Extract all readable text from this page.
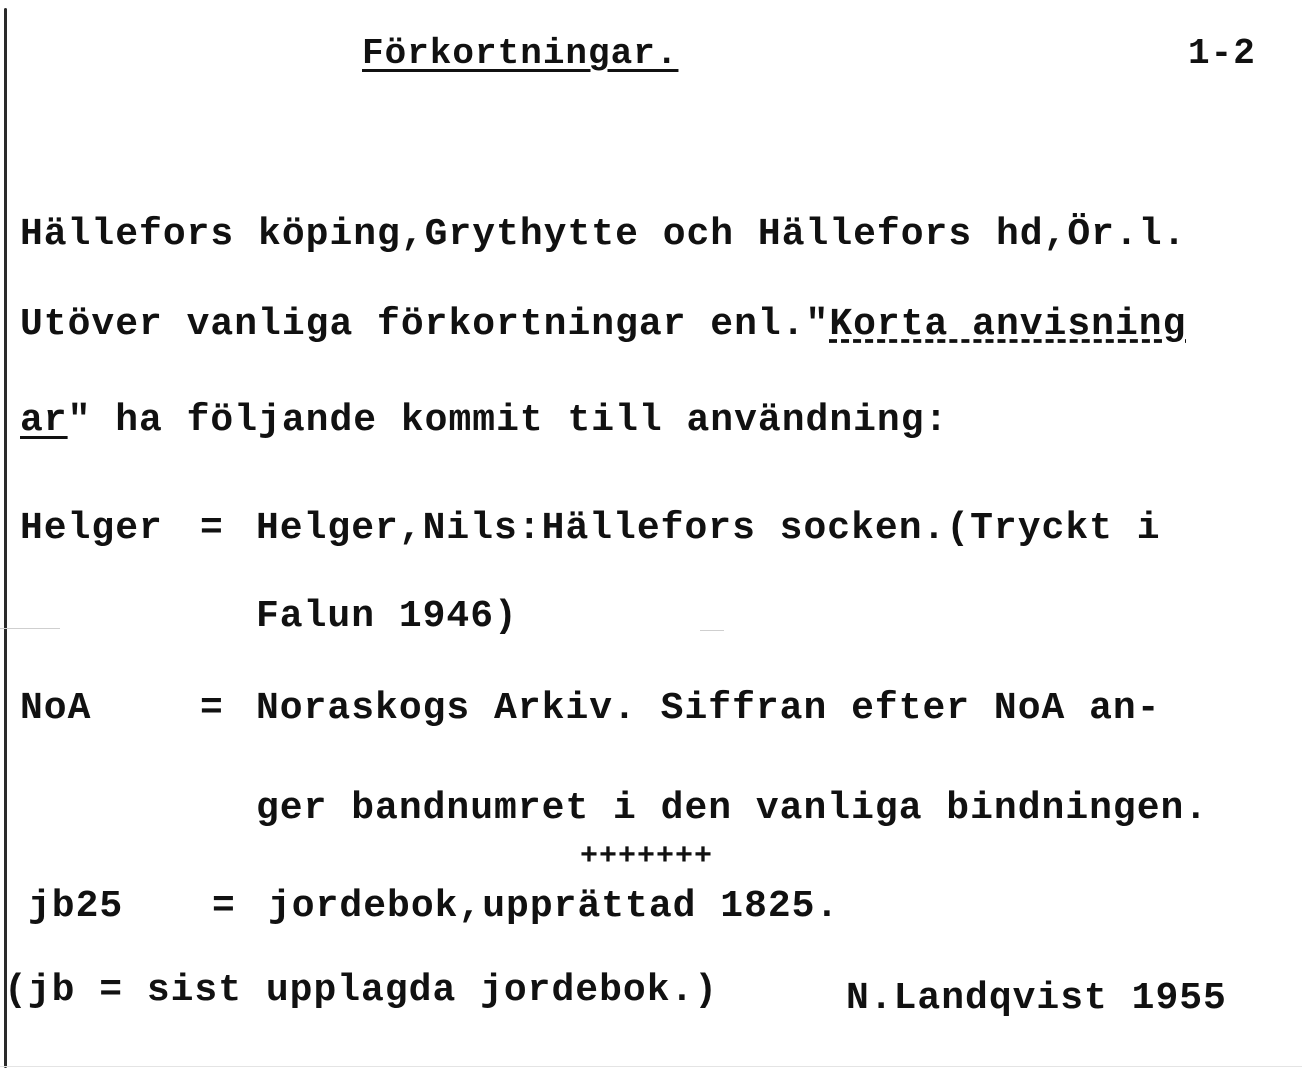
Förkortningar.	1-2
Hällefors köping,Grythytte och Hällefors hd,Ör.l.
Utöver vanliga förkortningar enl."Korta anvisning
ar" ha följande kommit till användning:
Helger = Helger,Nils:Hällefors socken.(Tryckt i
Falun 1946)
NoA	= Noraskogs Arkiv. Siffran efter NoA an-
ger bandnumret i den vanliga bindningen.
+++++++
jb25 = jordebok,upprättad 1825.
(jb = sist upplagda jordebok.)	N.Landqvist 1955
